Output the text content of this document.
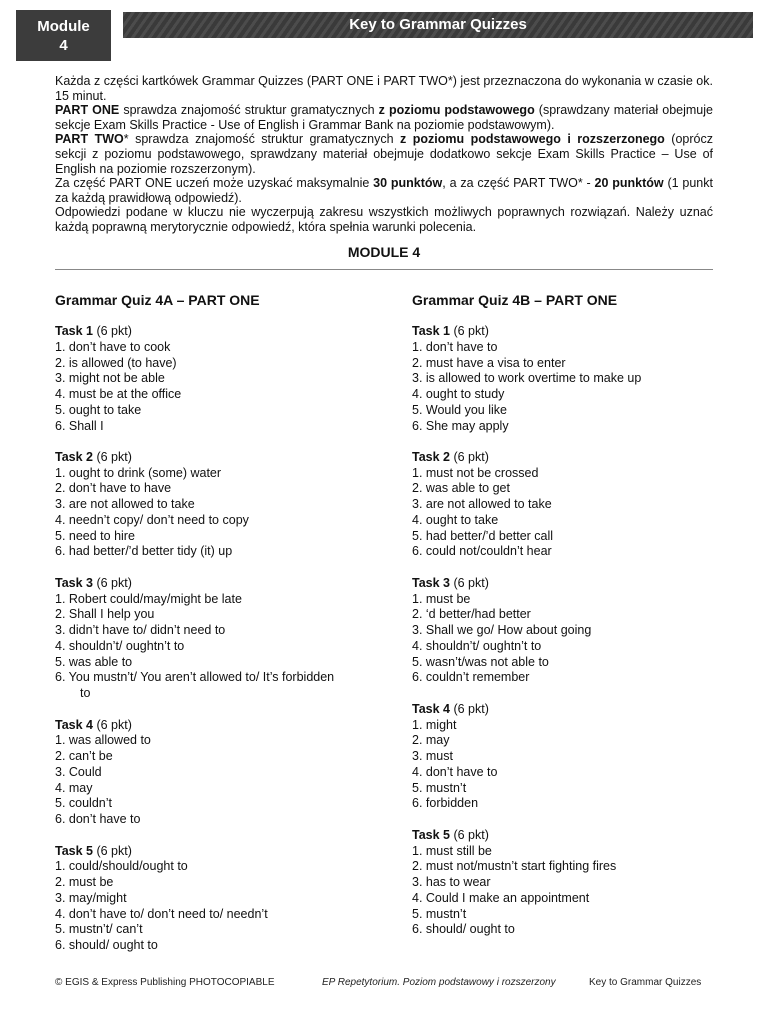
Module
4
Key to Grammar Quizzes

Każda z części kartkówek Grammar Quizzes (PART ONE i PART TWO*) jest przeznaczona do wykonania w czasie ok. 15 minut.

PART ONE sprawdza znajomość struktur gramatycznych z poziomu podstawowego (sprawdzany materiał obejmuje sekcje Exam Skills Practice - Use of English i Grammar Bank na poziomie podstawowym).

PART TWO* sprawdza znajomość struktur gramatycznych z poziomu podstawowego i rozszerzonego (oprócz sekcji z poziomu podstawowego, sprawdzany materiał obejmuje dodatkowo sekcje Exam Skills Practice – Use of English na poziomie rozszerzonym).

Za część PART ONE uczeń może uzyskać maksymalnie 30 punktów, a za część PART TWO* - 20 punktów (1 punkt za każdą prawidłową odpowiedź).

Odpowiedzi podane w kluczu nie wyczerpują zakresu wszystkich możliwych poprawnych rozwiązań. Należy uznać każdą poprawną merytorycznie odpowiedź, która spełnia warunki polecenia.

MODULE 4
Grammar Quiz 4A – PART ONE
Task 1 (6 pkt)
1. don’t have to cook
2. is allowed (to have)
3. might not be able
4. must be at the office
5. ought to take
6. Shall I
Task 2 (6 pkt)
1. ought to drink (some) water
2. don’t have to have
3. are not allowed to take
4. needn’t copy/ don’t need to copy
5. need to hire
6. had better/’d better tidy (it) up
Task 3 (6 pkt)
1. Robert could/may/might be late
2. Shall I help you
3. didn’t have to/ didn’t need to
4. shouldn’t/ oughtn’t to
5. was able to
6. You mustn’t/ You aren’t allowed to/ It’s forbidden
to
Task 4 (6 pkt)
1. was allowed to
2. can’t be
3. Could
4. may
5. couldn’t
6. don’t have to
Task 5 (6 pkt)
1. could/should/ought to
2. must be
3. may/might
4. don’t have to/ don’t need to/ needn’t
5. mustn’t/ can’t
6. should/ ought to
Grammar Quiz 4B – PART ONE
Task 1 (6 pkt)
1. don’t have to
2. must have a visa to enter
3. is allowed to work overtime to make up
4. ought to study
5. Would you like
6. She may apply
Task 2 (6 pkt)
1. must not be crossed
2. was able to get
3. are not allowed to take
4. ought to take
5. had better/’d better call
6. could not/couldn’t hear
Task 3 (6 pkt)
1. must be
2. ‘d better/had better
3. Shall we go/ How about going
4. shouldn’t/ oughtn’t to
5. wasn’t/was not able to
6. couldn’t remember
Task 4 (6 pkt)
1. might
2. may
3. must
4. don’t have to
5. mustn’t
6. forbidden
Task 5 (6 pkt)
1. must still be
2. must not/mustn’t start fighting fires
3. has to wear
4. Could I make an appointment
5. mustn’t
6. should/ ought to
© EGIS & Express Publishing PHOTOCOPIABLE	EP Repetytorium. Poziom podstawowy i rozszerzony	Key to Grammar Quizzes
